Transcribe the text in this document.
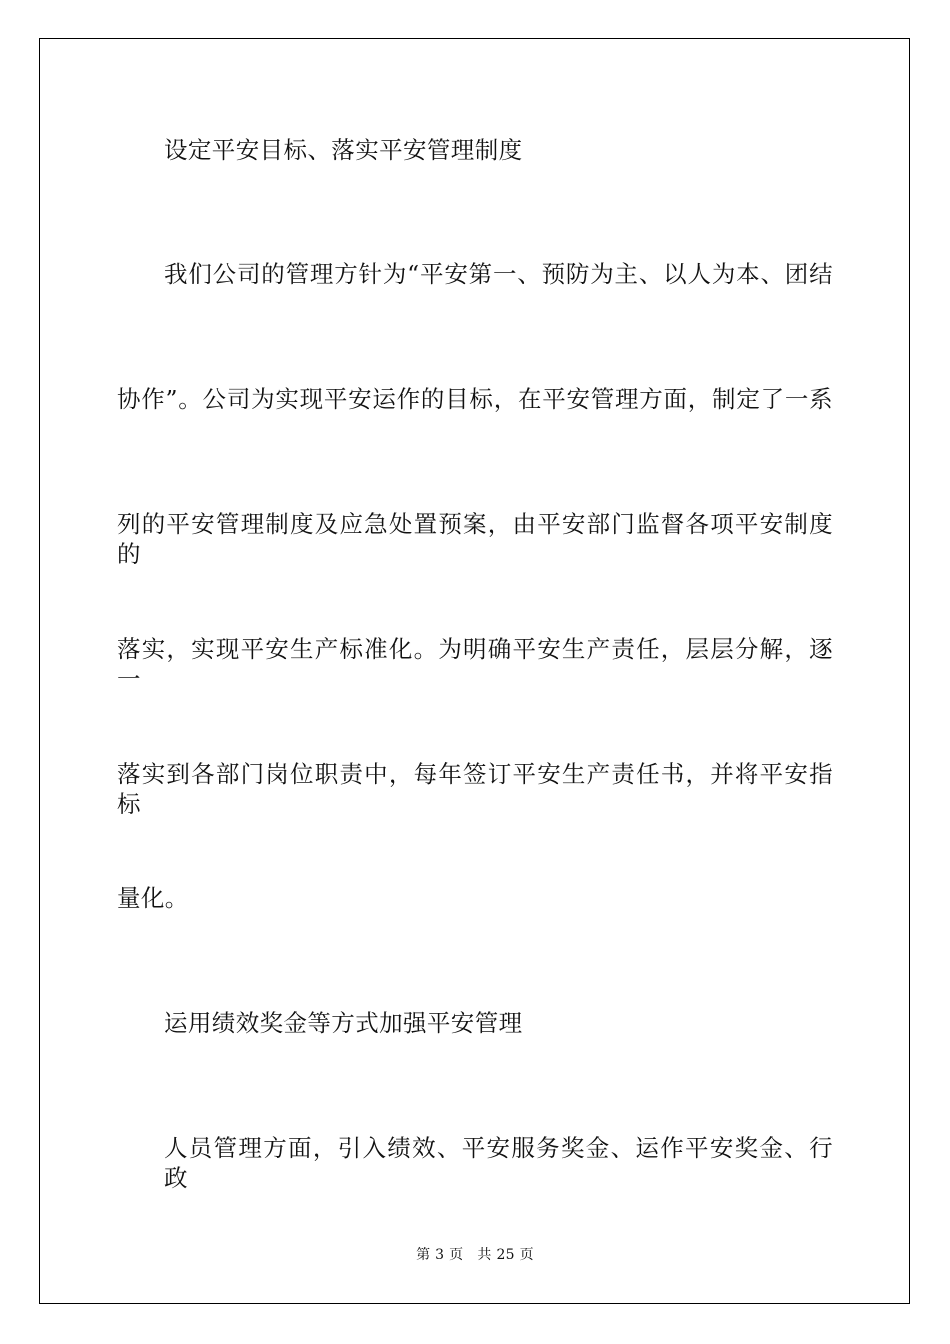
设定平安目标、落实平安管理制度
我们公司的管理方针为“平安第一、预防为主、以人为本、团结
协作”。公司为实现平安运作的目标，在平安管理方面，制定了一系
列的平安管理制度及应急处置预案，由平安部门监督各项平安制度的
落实，实现平安生产标准化。为明确平安生产责任，层层分解，逐一
落实到各部门岗位职责中，每年签订平安生产责任书，并将平安指标
量化。
运用绩效奖金等方式加强平安管理
人员管理方面，引入绩效、平安服务奖金、运作平安奖金、行政
第 3 页 共 25 页
